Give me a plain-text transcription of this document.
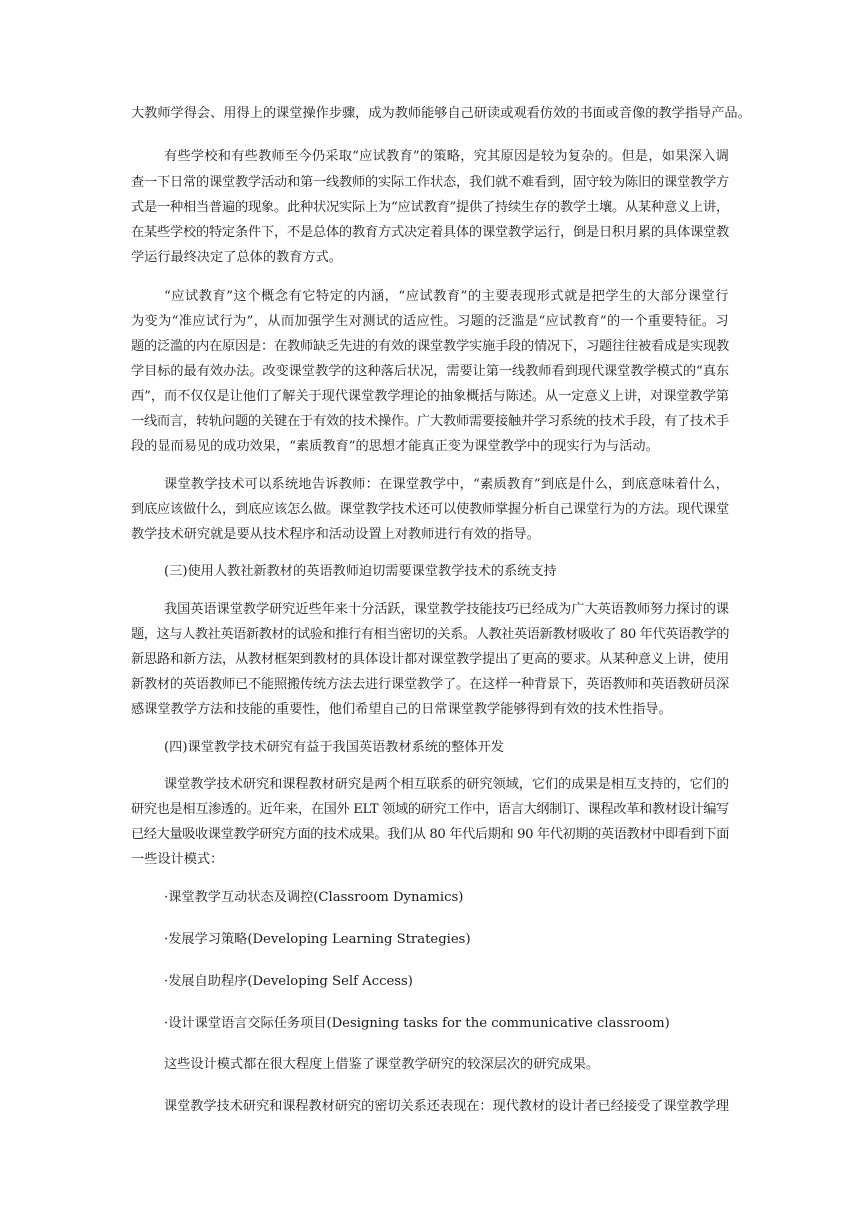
大教师学得会、用得上的课堂操作步骤，成为教师能够自己研读或观看仿效的书面或音像的教学指导产品。
有些学校和有些教师至今仍采取“应试教育”的策略，究其原因是较为复杂的。但是，如果深入调
查一下日常的课堂教学活动和第一线教师的实际工作状态，我们就不难看到，固守较为陈旧的课堂教学方
式是一种相当普遍的现象。此种状况实际上为“应试教育”提供了持续生存的教学土壤。从某种意义上讲，
在某些学校的特定条件下，不是总体的教育方式决定着具体的课堂教学运行，倒是日积月累的具体课堂教
学运行最终决定了总体的教育方式。
“应试教育”这个概念有它特定的内涵，“应试教育”的主要表现形式就是把学生的大部分课堂行
为变为“准应试行为”，从而加强学生对测试的适应性。习题的泛滥是“应试教育”的一个重要特征。习
题的泛滥的内在原因是：在教师缺乏先进的有效的课堂教学实施手段的情况下，习题往往被看成是实现教
学目标的最有效办法。改变课堂教学的这种落后状况，需要让第一线教师看到现代课堂教学模式的“真东
西”，而不仅仅是让他们了解关于现代课堂教学理论的抽象概括与陈述。从一定意义上讲，对课堂教学第
一线而言，转轨问题的关键在于有效的技术操作。广大教师需要接触并学习系统的技术手段，有了技术手
段的显而易见的成功效果，“素质教育”的思想才能真正变为课堂教学中的现实行为与活动。
课堂教学技术可以系统地告诉教师：在课堂教学中，“素质教育”到底是什么，到底意味着什么，
到底应该做什么，到底应该怎么做。课堂教学技术还可以使教师掌握分析自己课堂行为的方法。现代课堂
教学技术研究就是要从技术程序和活动设置上对教师进行有效的指导。
(三)使用人教社新教材的英语教师迫切需要课堂教学技术的系统支持
我国英语课堂教学研究近些年来十分活跃，课堂教学技能技巧已经成为广大英语教师努力探讨的课
题，这与人教社英语新教材的试验和推行有相当密切的关系。人教社英语新教材吸收了 80 年代英语教学的
新思路和新方法，从教材框架到教材的具体设计都对课堂教学提出了更高的要求。从某种意义上讲，使用
新教材的英语教师已不能照搬传统方法去进行课堂教学了。在这样一种背景下，英语教师和英语教研员深
感课堂教学方法和技能的重要性，他们希望自己的日常课堂教学能够得到有效的技术性指导。
(四)课堂教学技术研究有益于我国英语教材系统的整体开发
课堂教学技术研究和课程教材研究是两个相互联系的研究领域，它们的成果是相互支持的，它们的
研究也是相互渗透的。近年来，在国外 ELT 领域的研究工作中，语言大纲制订、课程改革和教材设计编写
已经大量吸收课堂教学研究方面的技术成果。我们从 80 年代后期和 90 年代初期的英语教材中即看到下面
一些设计模式：
·课堂教学互动状态及调控(Classroom Dynamics)
·发展学习策略(Developing Learning Strategies)
·发展自助程序(Developing Self Access)
·设计课堂语言交际任务项目(Designing tasks for the communicative classroom)
这些设计模式都在很大程度上借鉴了课堂教学研究的较深层次的研究成果。
课堂教学技术研究和课程教材研究的密切关系还表现在：现代教材的设计者已经接受了课堂教学理
